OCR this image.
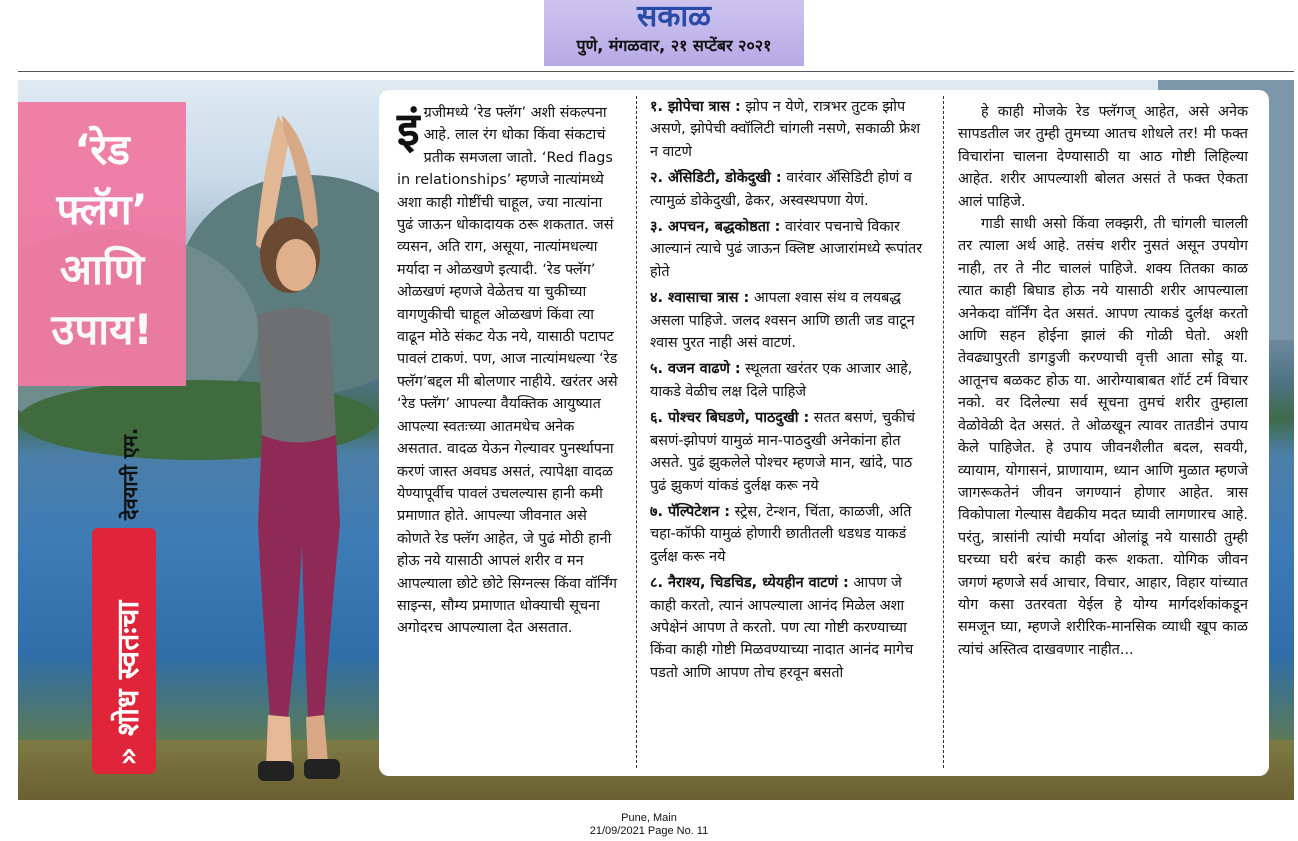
सकाळ
पुणे, मंगळवार, २१ सप्टेंबर २०२१
‘रेड
फ्लॅग’
आणि
उपाय!
देवयानी एम.
» शोध स्वतःचा
इं ग्रजीमध्ये ‘रेड फ्लॅग’ अशी संकल्पना आहे. लाल रंग धोका किंवा संकटाचं प्रतीक समजला जातो. ‘Red flags in relationships’ म्हणजे नात्यांमध्ये अशा काही गोष्टींची चाहूल, ज्या नात्यांना पुढं जाऊन धोकादायक ठरू शकतात. जसं व्यसन, अति राग, असूया, नात्यांमधल्या मर्यादा न ओळखणे इत्यादी. ‘रेड फ्लॅग’ ओळखणं म्हणजे वेळेतच या चुकीच्या वागणुकीची चाहूल ओळखणं किंवा त्या वाढून मोठे संकट येऊ नये, यासाठी पटापट पावलं टाकणं. पण, आज नात्यांमधल्या ‘रेड फ्लॅग’बद्दल मी बोलणार नाहीये. खरंतर असे ‘रेड फ्लॅग’ आपल्या वैयक्तिक आयुष्यात आपल्या स्वतःच्या आतमधेच अनेक असतात. वादळ येऊन गेल्यावर पुनर्स्थापना करणं जास्त अवघड असतं, त्यापेक्षा वादळ येण्यापूर्वीच पावलं उचलल्यास हानी कमी प्रमाणात होते. आपल्या जीवनात असे कोणते रेड फ्लॅग आहेत, जे पुढं मोठी हानी होऊ नये यासाठी आपलं शरीर व मन आपल्याला छोटे छोटे सिग्नल्स किंवा वॉर्निंग साइन्स, सौम्य प्रमाणात धोक्याची सूचना अगोदरच आपल्याला देत असतात.

१. झोपेचा त्रास : झोप न येणे, रात्रभर तुटक झोप असणे, झोपेची क्वॉलिटी चांगली नसणे, सकाळी फ्रेश न वाटणे
२. अ‍ॅसिडिटी, डोकेदुखी : वारंवार अ‍ॅसिडिटी होणं व त्यामुळं डोकेदुखी, ढेकर, अस्वस्थपणा येणं.
३. अपचन, बद्धकोष्ठता : वारंवार पचनाचे विकार आल्यानं त्याचे पुढं जाऊन क्लिष्ट आजारांमध्ये रूपांतर होते
४. श्वासाचा त्रास : आपला श्वास संथ व लयबद्ध असला पाहिजे. जलद श्वसन आणि छाती जड वाटून श्वास पुरत नाही असं वाटणं.
५. वजन वाढणे : स्थूलता खरंतर एक आजार आहे, याकडे वेळीच लक्ष दिले पाहिजे
६. पोश्चर बिघडणे, पाठदुखी : सतत बसणं, चुकीचं बसणं-झोपणं यामुळं मान-पाठदुखी अनेकांना होत असते. पुढं झुकलेले पोश्चर म्हणजे मान, खांदे, पाठ पुढं झुकणं यांकडं दुर्लक्ष करू नये
७. पॅल्पिटेशन : स्ट्रेस, टेन्शन, चिंता, काळजी, अति चहा-कॉफी यामुळं होणारी छातीतली धडधड याकडं दुर्लक्ष करू नये
८. नैराश्य, चिडचिड, ध्येयहीन वाटणं : आपण जे काही करतो, त्यानं आपल्याला आनंद मिळेल अशा अपेक्षेनं आपण ते करतो. पण त्या गोष्टी करण्याच्या किंवा काही गोष्टी मिळवण्याच्या नादात आनंद मागेच पडतो आणि आपण तोच हरवून बसतो

हे काही मोजके रेड फ्लॅगज् आहेत, असे अनेक सापडतील जर तुम्ही तुमच्या आतच शोधले तर! मी फक्त विचारांना चालना देण्यासाठी या आठ गोष्टी लिहिल्या आहेत. शरीर आपल्याशी बोलत असतं ते फक्त ऐकता आलं पाहिजे.

गाडी साधी असो किंवा लक्झरी, ती चांगली चालली तर त्याला अर्थ आहे. तसंच शरीर नुसतं असून उपयोग नाही, तर ते नीट चाललं पाहिजे. शक्य तितका काळ त्यात काही बिघाड होऊ नये यासाठी शरीर आपल्याला अनेकदा वॉर्निंग देत असतं. आपण त्याकडं दुर्लक्ष करतो आणि सहन होईना झालं की गोळी घेतो. अशी तेवढ्यापुरती डागडुजी करण्याची वृत्ती आता सोडू या. आतूनच बळकट होऊ या. आरोग्याबाबत शॉर्ट टर्म विचार नको. वर दिलेल्या सर्व सूचना तुमचं शरीर तुम्हाला वेळोवेळी देत असतं. ते ओळखून त्यावर तातडीनं उपाय केले पाहिजेत. हे उपाय जीवनशैलीत बदल, सवयी, व्यायाम, योगासनं, प्राणायाम, ध्यान आणि मुळात म्हणजे जागरूकतेनं जीवन जगण्यानं होणार आहेत. त्रास विकोपाला गेल्यास वैद्यकीय मदत घ्यावी लागणारच आहे. परंतु, त्रासांनी त्यांची मर्यादा ओलांडू नये यासाठी तुम्ही घरच्या घरी बरंच काही करू शकता. योगिक जीवन जगणं म्हणजे सर्व आचार, विचार, आहार, विहार यांच्यात योग कसा उतरवता येईल हे योग्य मार्गदर्शकांकडून समजून घ्या, म्हणजे शरीरिक-मानसिक व्याधी खूप काळ त्यांचं अस्तित्व दाखवणार नाहीत...

Pune, Main
21/09/2021 Page No. 11
